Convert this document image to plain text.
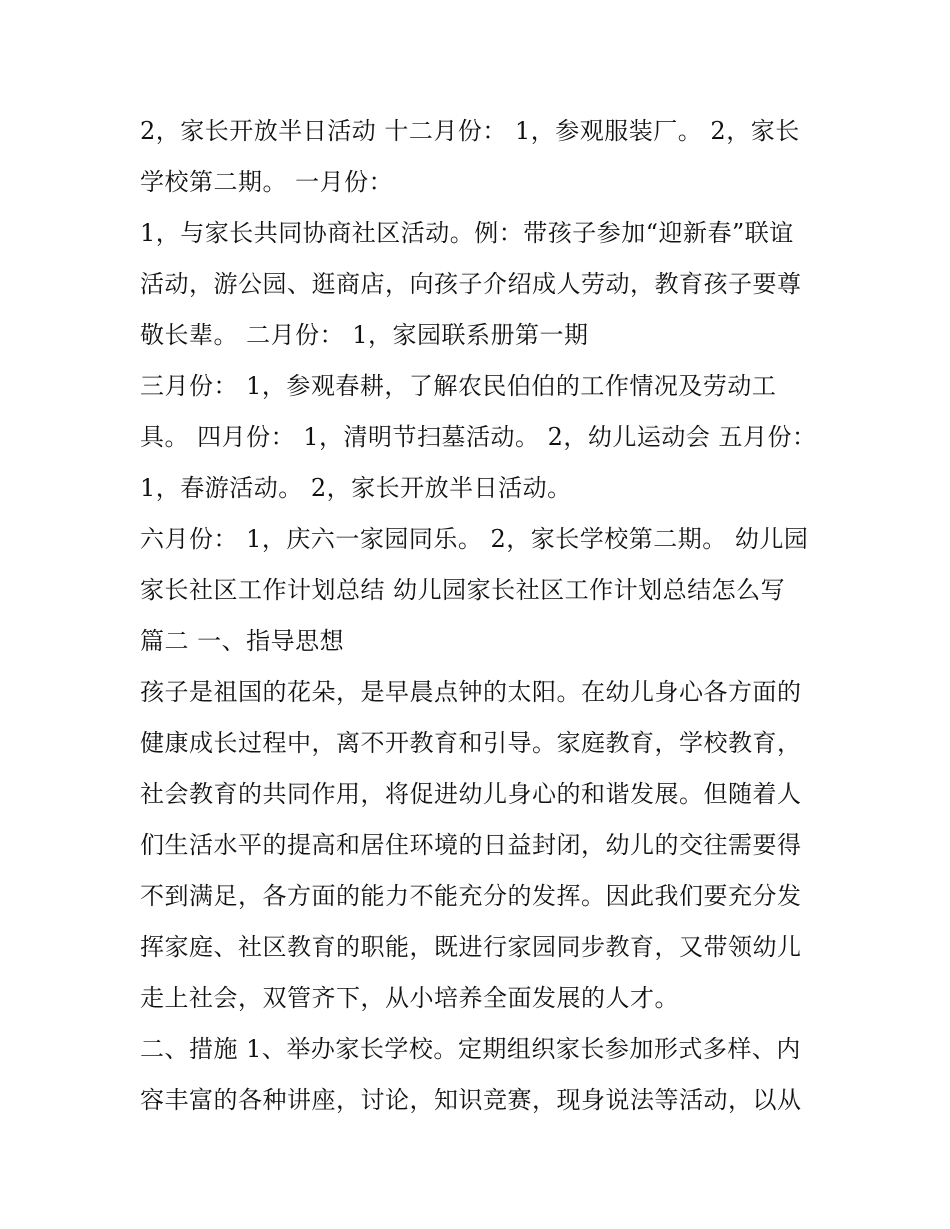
2，家长开放半日活动 十二月份： 1，参观服装厂。 2，家长
学校第二期。 一月份：
1，与家长共同协商社区活动。例：带孩子参加“迎新春”联谊
活动，游公园、逛商店，向孩子介绍成人劳动，教育孩子要尊
敬长辈。 二月份： 1，家园联系册第一期
三月份： 1，参观春耕，了解农民伯伯的工作情况及劳动工
具。 四月份： 1，清明节扫墓活动。 2，幼儿运动会 五月份：
1，春游活动。 2，家长开放半日活动。
六月份： 1，庆六一家园同乐。 2，家长学校第二期。 幼儿园
家长社区工作计划总结 幼儿园家长社区工作计划总结怎么写
篇二 一、指导思想
孩子是祖国的花朵，是早晨点钟的太阳。在幼儿身心各方面的
健康成长过程中，离不开教育和引导。家庭教育，学校教育，
社会教育的共同作用，将促进幼儿身心的和谐发展。但随着人
们生活水平的提高和居住环境的日益封闭，幼儿的交往需要得
不到满足，各方面的能力不能充分的发挥。因此我们要充分发
挥家庭、社区教育的职能，既进行家园同步教育，又带领幼儿
走上社会，双管齐下，从小培养全面发展的人才。
二、措施 1、举办家长学校。定期组织家长参加形式多样、内
容丰富的各种讲座，讨论，知识竞赛，现身说法等活动，以从
